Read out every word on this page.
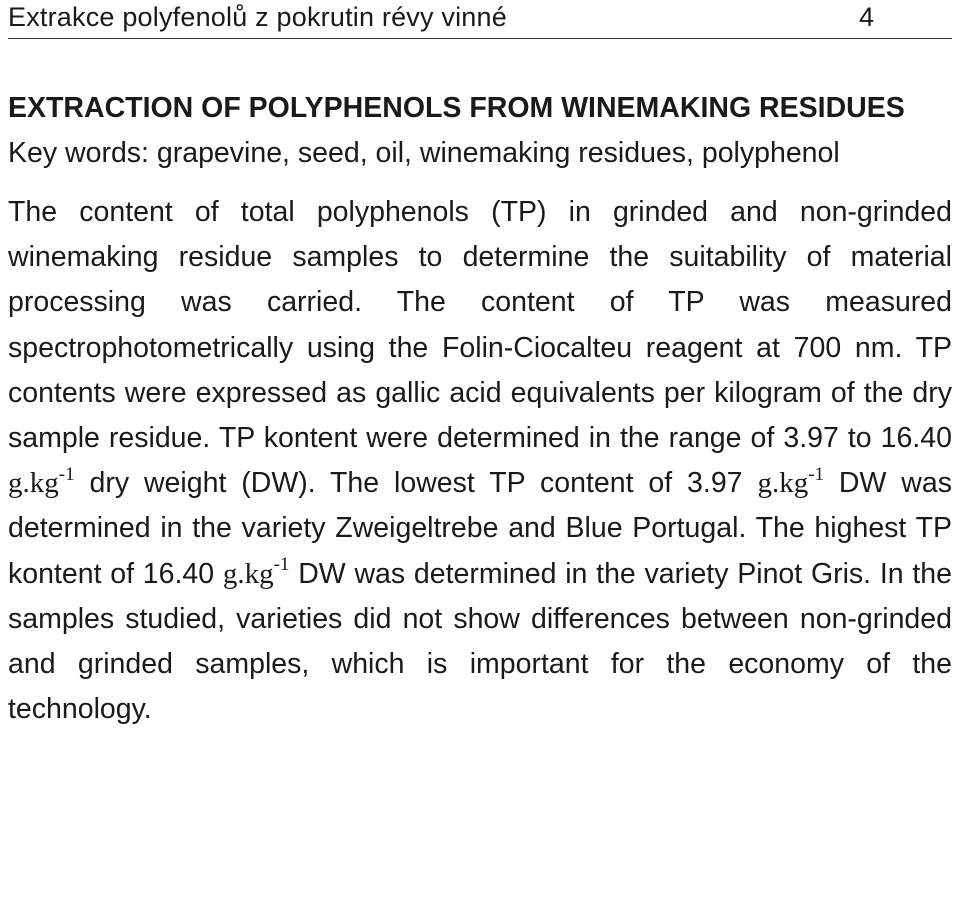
Extrakce polyfenolů z pokrutin révy vinné	4

EXTRACTION OF POLYPHENOLS FROM WINEMAKING RESIDUES

Key words: grapevine, seed, oil, winemaking residues, polyphenol

The content of total polyphenols (TP) in grinded and non-grinded winemaking residue samples to determine the suitability of material processing was carried. The content of TP was measured spectrophotometrically using the Folin-Ciocalteu reagent at 700 nm. TP contents were expressed as gallic acid equivalents per kilogram of the dry sample residue. TP kontent were determined in the range of 3.97 to 16.40 $g.kg^{-1}$ dry weight (DW). The lowest TP content of 3.97 $g.kg^{-1}$ DW was determined in the variety Zweigeltrebe and Blue Portugal. The highest TP kontent of 16.40 $g.kg^{-1}$ DW was determined in the variety Pinot Gris. In the samples studied, varieties did not show differences between non-grinded and grinded samples, which is important for the economy of the technology.
